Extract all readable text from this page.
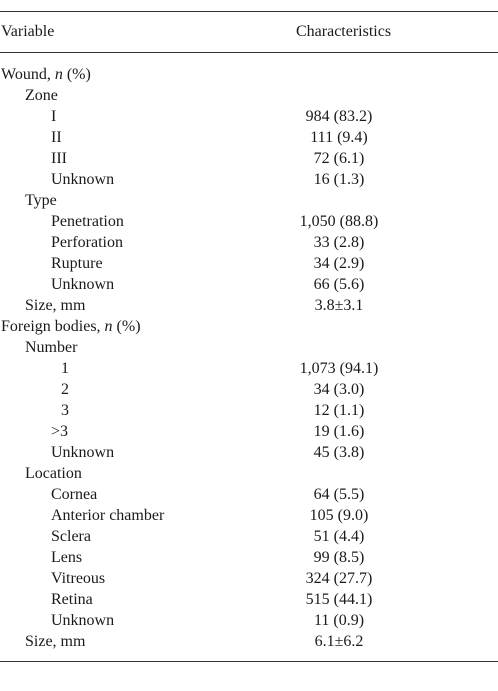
Variable	Characteristics
Wound, n (%)
Zone
I	984 (83.2)
II	111 (9.4)
III	72 (6.1)
Unknown	16 (1.3)
Type
Penetration	1,050 (88.8)
Perforation	33 (2.8)
Rupture	34 (2.9)
Unknown	66 (5.6)
Size, mm	3.8±3.1
Foreign bodies, n (%)
Number
1	1,073 (94.1)
2	34 (3.0)
3	12 (1.1)
>3	19 (1.6)
Unknown	45 (3.8)
Location
Cornea	64 (5.5)
Anterior chamber	105 (9.0)
Sclera	51 (4.4)
Lens	99 (8.5)
Vitreous	324 (27.7)
Retina	515 (44.1)
Unknown	11 (0.9)
Size, mm	6.1±6.2
